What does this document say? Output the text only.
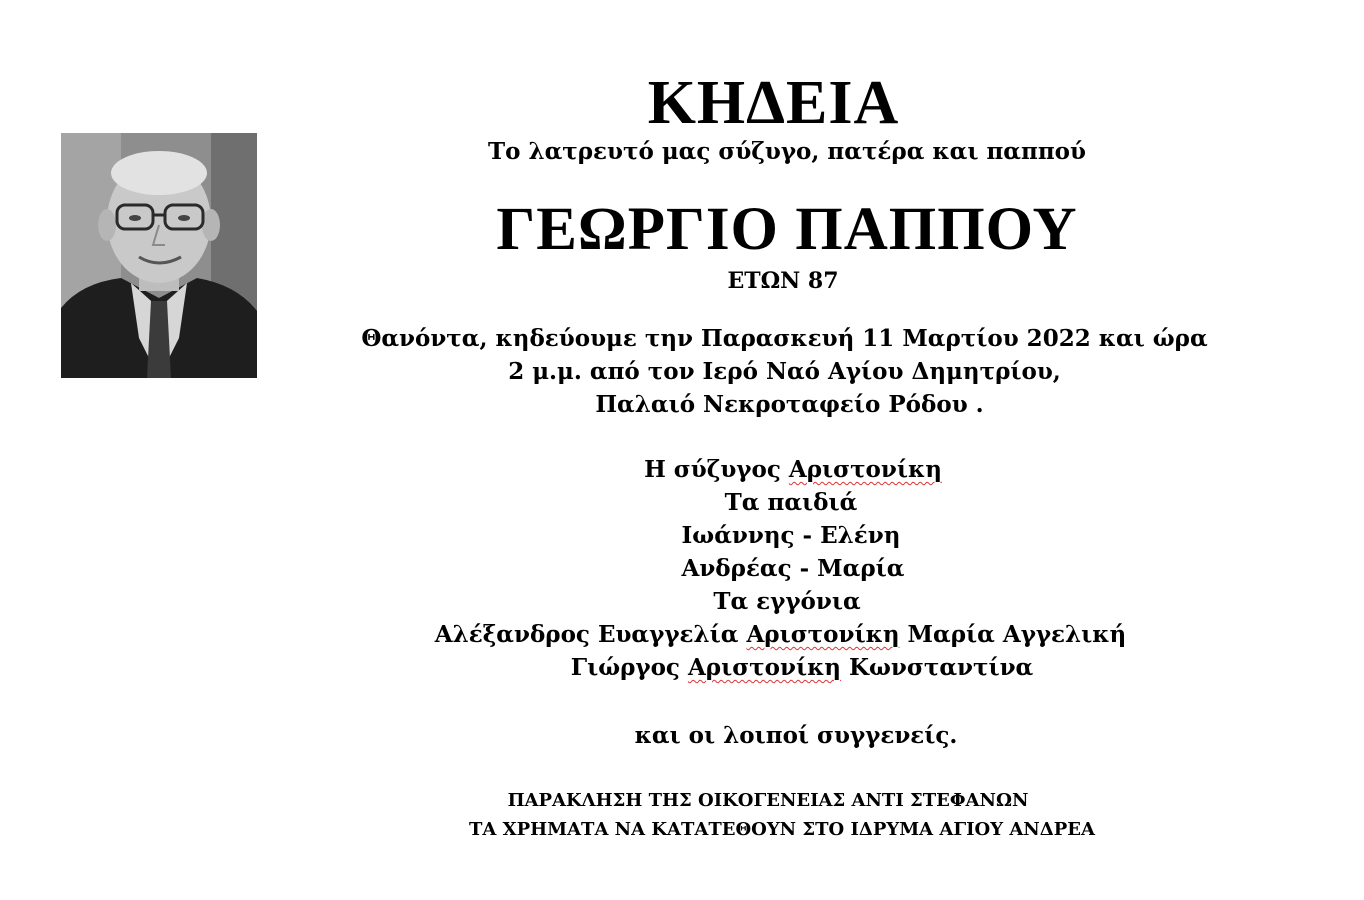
ΚΗΔΕΙΑ
Το λατρευτό μας σύζυγο, πατέρα και παππού
ΓΕΩΡΓΙΟ ΠΑΠΠΟΥ
ΕΤΩΝ 87
Θανόντα, κηδεύουμε την Παρασκευή 11 Μαρτίου 2022 και ώρα
2 μ.μ. από τον Ιερό Ναό Αγίου Δημητρίου,
Παλαιό Νεκροταφείο Ρόδου .
Η σύζυγος Αριστονίκη
Τα παιδιά
Ιωάννης - Ελένη
Ανδρέας - Μαρία
Τα εγγόνια
Αλέξανδρος Ευαγγελία Αριστονίκη Μαρία Αγγελική
Γιώργος Αριστονίκη Κωνσταντίνα
και οι λοιποί συγγενείς.
ΠΑΡΑΚΛΗΣΗ ΤΗΣ ΟΙΚΟΓΕΝΕΙΑΣ ΑΝΤΙ ΣΤΕΦΑΝΩΝ
ΤΑ ΧΡΗΜΑΤΑ ΝΑ ΚΑΤΑΤΕΘΟΥΝ ΣΤΟ ΙΔΡΥΜΑ ΑΓΙΟΥ ΑΝΔΡΕΑ
